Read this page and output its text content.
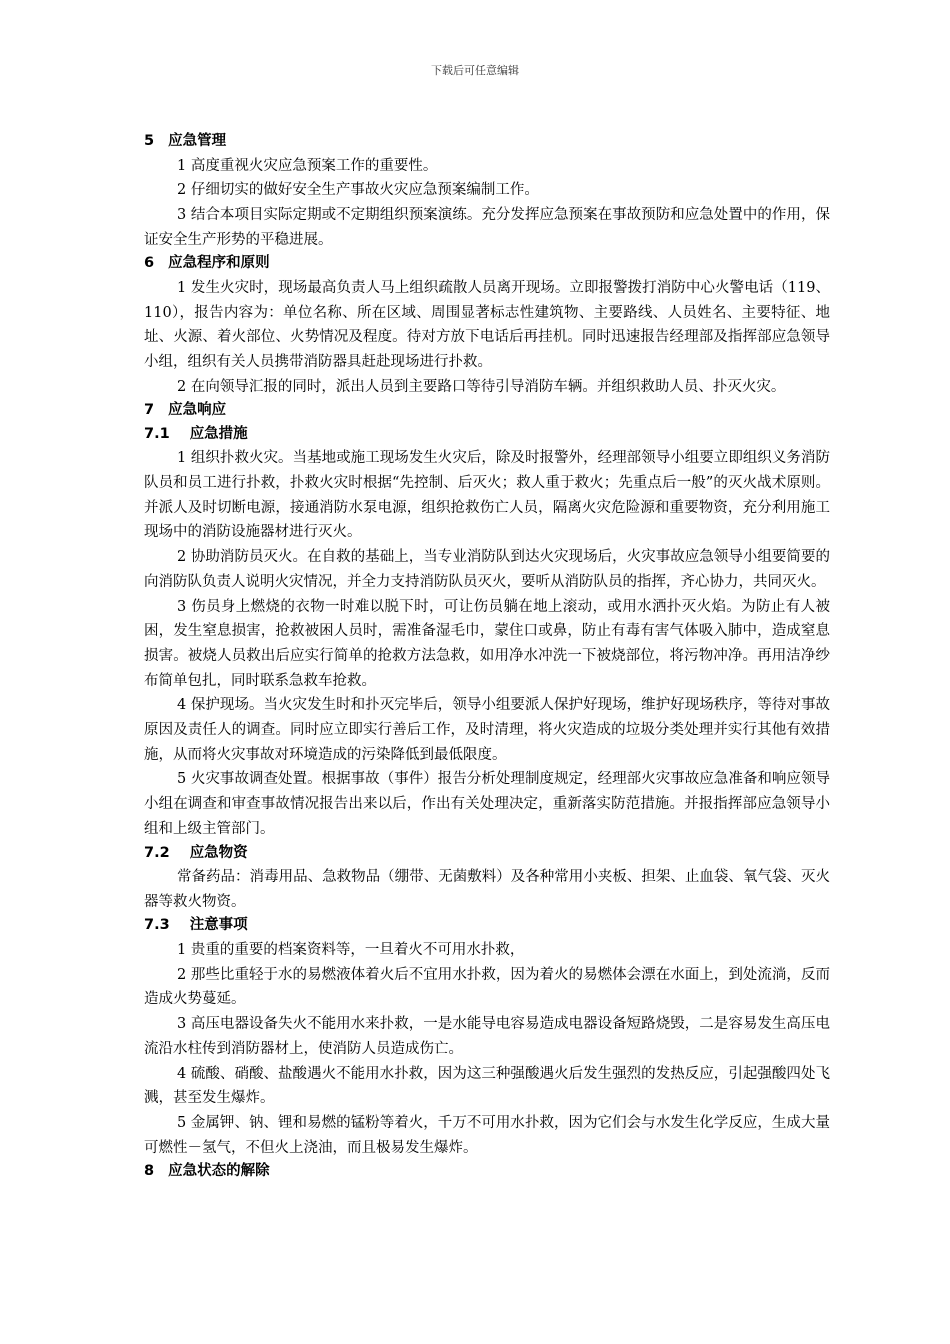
下载后可任意编辑
5 应急管理

1 高度重视火灾应急预案工作的重要性。

2 仔细切实的做好安全生产事故火灾应急预案编制工作。

3 结合本项目实际定期或不定期组织预案演练。充分发挥应急预案在事故预防和应急处置中的作用，保证安全生产形势的平稳进展。

6 应急程序和原则

1 发生火灾时，现场最高负责人马上组织疏散人员离开现场。立即报警拨打消防中心火警电话（119、110），报告内容为：单位名称、所在区域、周围显著标志性建筑物、主要路线、人员姓名、主要特征、地址、火源、着火部位、火势情况及程度。待对方放下电话后再挂机。同时迅速报告经理部及指挥部应急领导小组，组织有关人员携带消防器具赶赴现场进行扑救。

2 在向领导汇报的同时，派出人员到主要路口等待引导消防车辆。并组织救助人员、扑灭火灾。

7 应急响应
7.1 应急措施

1 组织扑救火灾。当基地或施工现场发生火灾后，除及时报警外，经理部领导小组要立即组织义务消防队员和员工进行扑救，扑救火灾时根据“先控制、后灭火；救人重于救火；先重点后一般”的灭火战术原则。并派人及时切断电源，接通消防水泵电源，组织抢救伤亡人员，隔离火灾危险源和重要物资，充分利用施工现场中的消防设施器材进行灭火。

2 协助消防员灭火。在自救的基础上，当专业消防队到达火灾现场后，火灾事故应急领导小组要简要的向消防队负责人说明火灾情况，并全力支持消防队员灭火，要听从消防队员的指挥，齐心协力，共同灭火。

3 伤员身上燃烧的衣物一时难以脱下时，可让伤员躺在地上滚动，或用水洒扑灭火焰。为防止有人被困，发生窒息损害，抢救被困人员时，需准备湿毛巾，蒙住口或鼻，防止有毒有害气体吸入肺中，造成窒息损害。被烧人员救出后应实行简单的抢救方法急救，如用净水冲洗一下被烧部位，将污物冲净。再用洁净纱布简单包扎，同时联系急救车抢救。

4 保护现场。当火灾发生时和扑灭完毕后，领导小组要派人保护好现场，维护好现场秩序，等待对事故原因及责任人的调查。同时应立即实行善后工作，及时清理，将火灾造成的垃圾分类处理并实行其他有效措施，从而将火灾事故对环境造成的污染降低到最低限度。

5 火灾事故调查处置。根据事故（事件）报告分析处理制度规定，经理部火灾事故应急准备和响应领导小组在调查和审查事故情况报告出来以后，作出有关处理决定，重新落实防范措施。并报指挥部应急领导小组和上级主管部门。

7.2 应急物资

常备药品：消毒用品、急救物品（绷带、无菌敷料）及各种常用小夹板、担架、止血袋、氧气袋、灭火器等救火物资。

7.3 注意事项

1 贵重的重要的档案资料等，一旦着火不可用水扑救，

2 那些比重轻于水的易燃液体着火后不宜用水扑救，因为着火的易燃体会漂在水面上，到处流淌，反而造成火势蔓延。

3 高压电器设备失火不能用水来扑救，一是水能导电容易造成电器设备短路烧毁，二是容易发生高压电流沿水柱传到消防器材上，使消防人员造成伤亡。

4 硫酸、硝酸、盐酸遇火不能用水扑救，因为这三种强酸遇火后发生强烈的发热反应，引起强酸四处飞溅，甚至发生爆炸。

5 金属钾、钠、锂和易燃的锰粉等着火，千万不可用水扑救，因为它们会与水发生化学反应，生成大量可燃性－氢气，不但火上浇油，而且极易发生爆炸。

8 应急状态的解除
